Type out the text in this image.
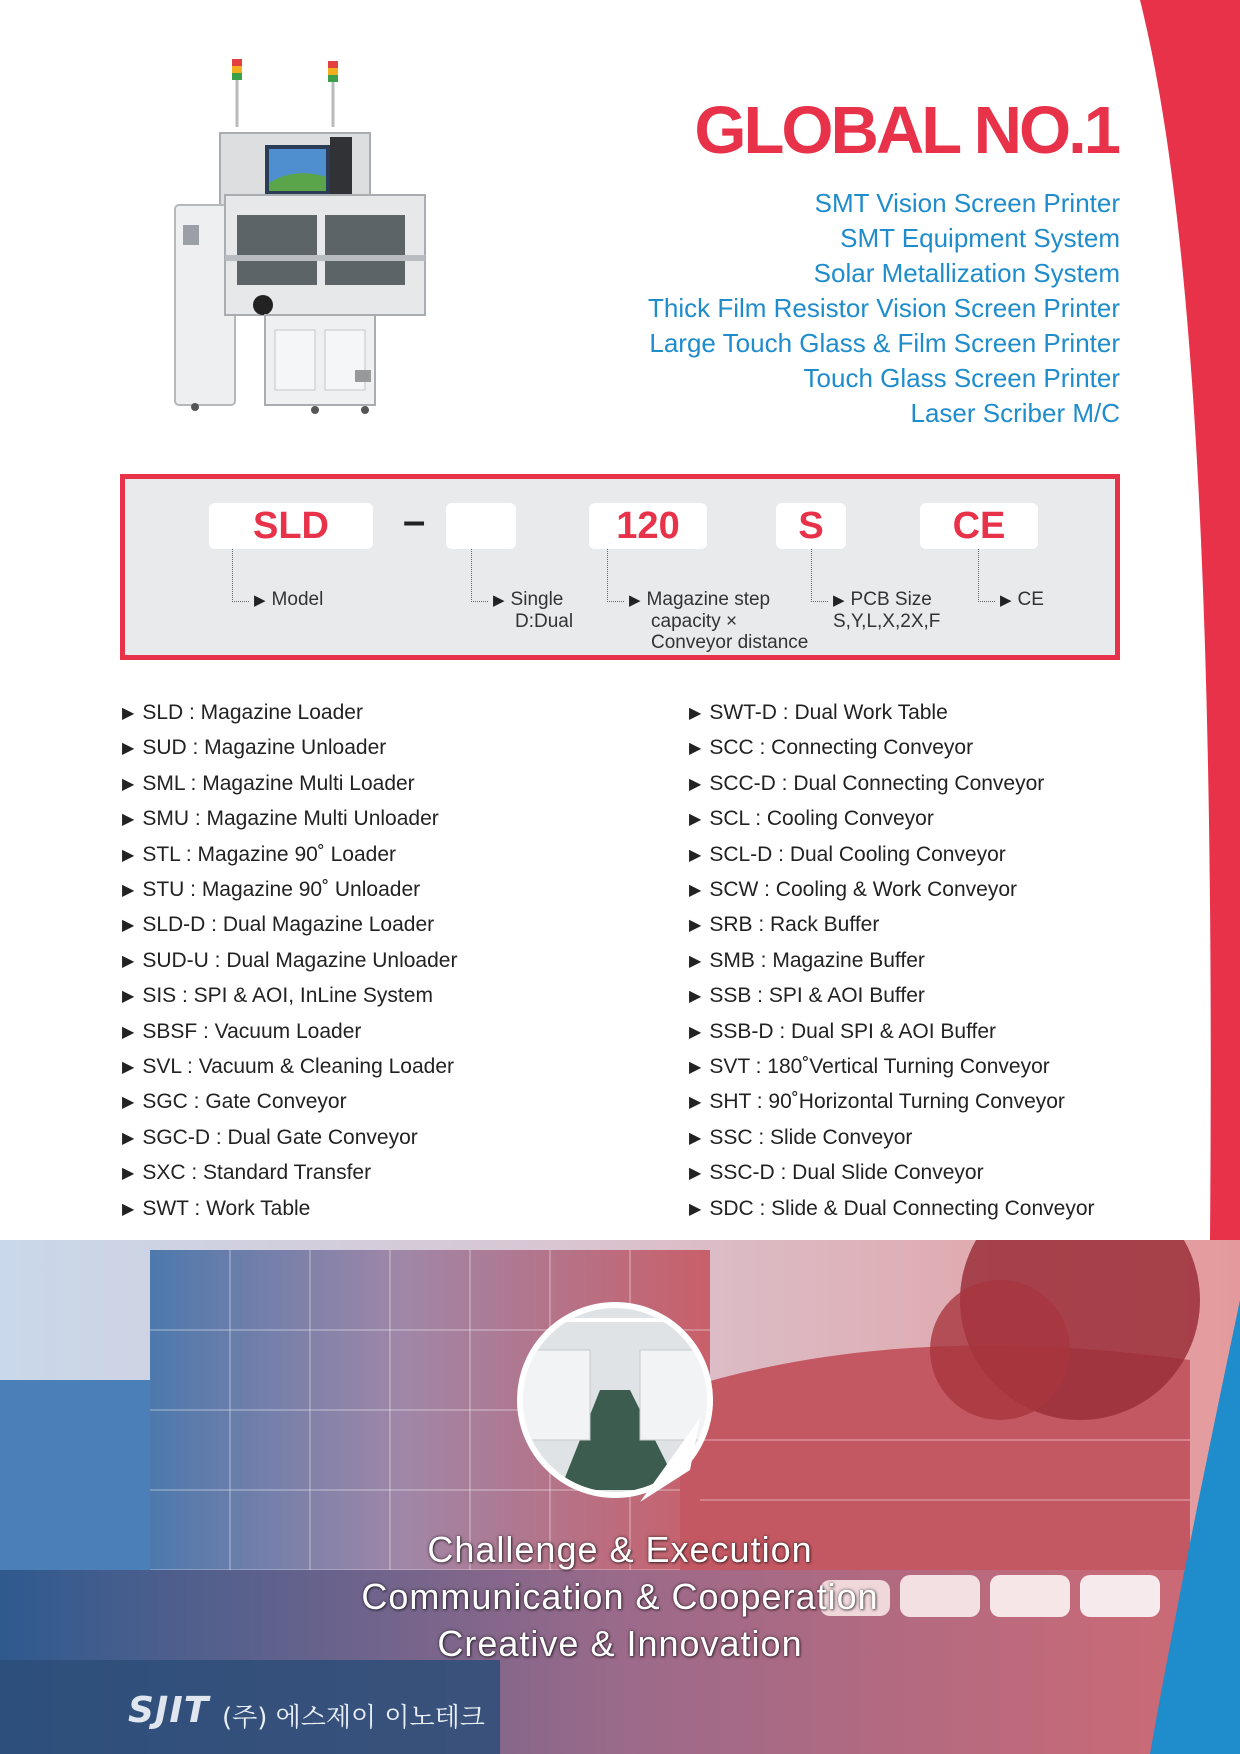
GLOBAL NO.1
SMT Vision Screen Printer
SMT Equipment System
Solar Metallization System
Thick Film Resistor Vision Screen Printer
Large Touch Glass & Film Screen Printer
Touch Glass Screen Printer
Laser Scriber M/C
SLD	–	120	S	CE
▶ Model	▶ Single
D:Dual
▶ Magazine step
capacity ×
Conveyor distance
▶ PCB Size
S,Y,L,X,2X,F
▶ CE
▶ SLD : Magazine Loader
▶ SUD : Magazine Unloader
▶ SML : Magazine Multi Loader
▶ SMU : Magazine Multi Unloader
▶ STL : Magazine 90˚ Loader
▶ STU : Magazine 90˚ Unloader
▶ SLD-D : Dual Magazine Loader
▶ SUD-U : Dual Magazine Unloader
▶ SIS : SPI & AOI, InLine System
▶ SBSF : Vacuum Loader
▶ SVL : Vacuum & Cleaning Loader
▶ SGC : Gate Conveyor
▶ SGC-D : Dual Gate Conveyor
▶ SXC : Standard Transfer
▶ SWT : Work Table
▶ SWT-D : Dual Work Table
▶ SCC : Connecting Conveyor
▶ SCC-D : Dual Connecting Conveyor
▶ SCL : Cooling Conveyor
▶ SCL-D : Dual Cooling Conveyor
▶ SCW : Cooling & Work Conveyor
▶ SRB : Rack Buffer
▶ SMB : Magazine Buffer
▶ SSB : SPI & AOI Buffer
▶ SSB-D : Dual SPI & AOI Buffer
▶ SVT : 180˚Vertical Turning Conveyor
▶ SHT : 90˚Horizontal Turning Conveyor
▶ SSC : Slide Conveyor
▶ SSC-D : Dual Slide Conveyor
▶ SDC : Slide & Dual Connecting Conveyor
Challenge & Execution
Communication & Cooperation
Creative & Innovation
SJIT (주) 에스제이 이노테크
